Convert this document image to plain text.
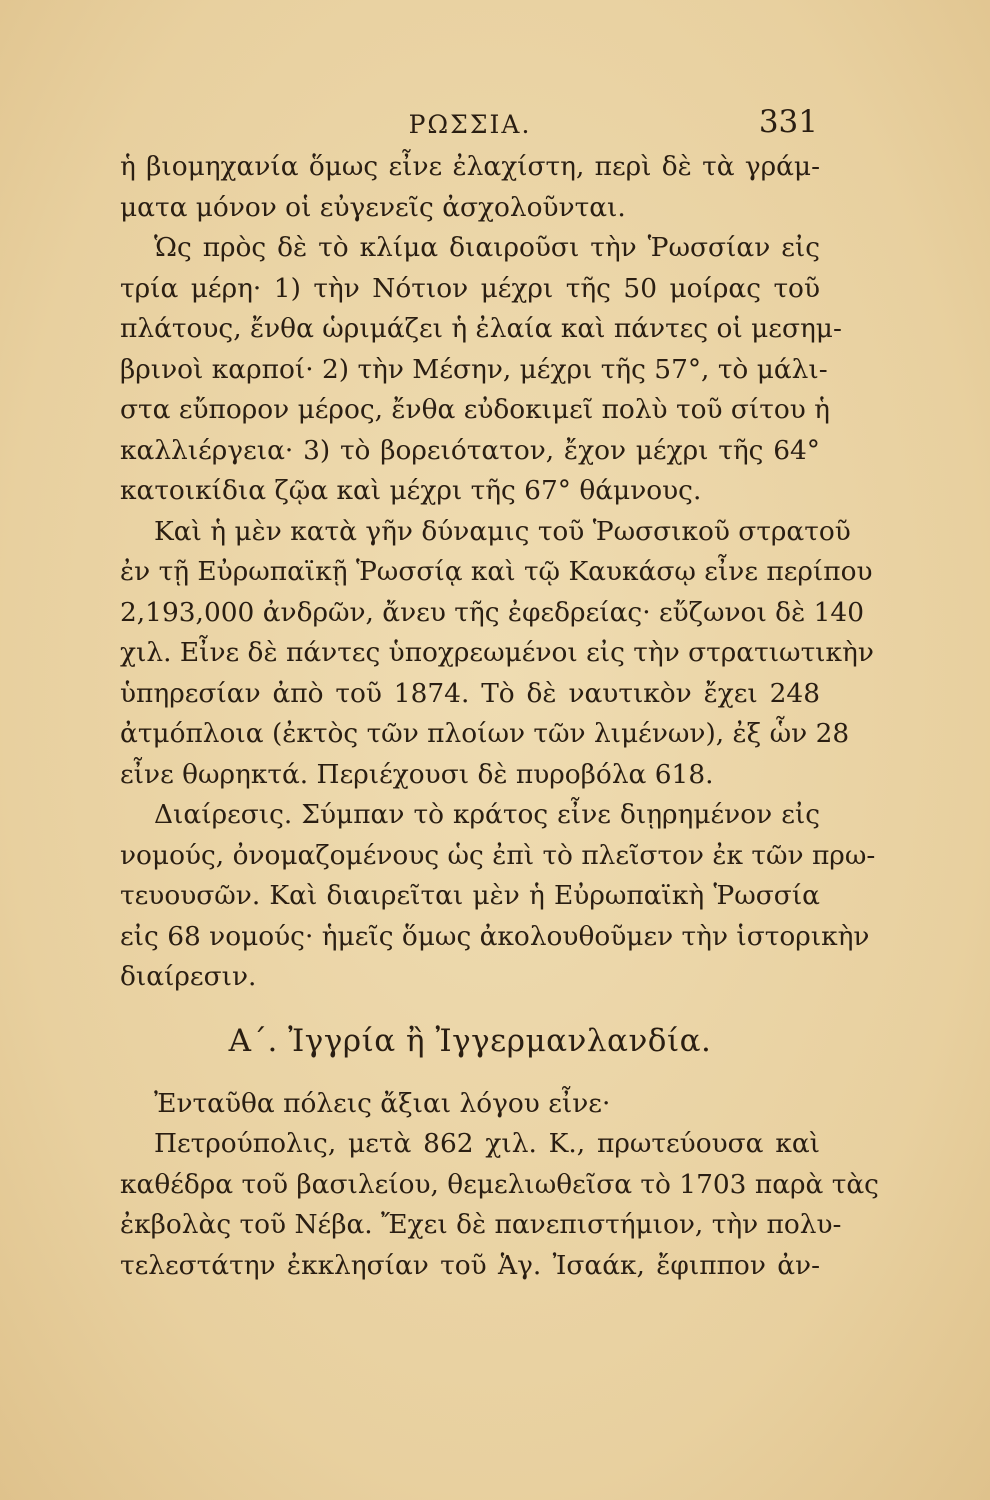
ΡΩΣΣΙΑ.	331
ἡ βιομηχανία ὅμως εἶνε ἐλαχίστη, περὶ δὲ τὰ γράμ-
ματα μόνον οἱ εὐγενεῖς ἀσχολοῦνται.
Ὡς πρὸς δὲ τὸ κλίμα διαιροῦσι τὴν Ῥωσσίαν εἰς
τρία μέρη· 1) τὴν Νότιον μέχρι τῆς 50 μοίρας τοῦ
πλάτους, ἔνθα ὡριμάζει ἡ ἐλαία καὶ πάντες οἱ μεσημ-
βρινοὶ καρποί· 2) τὴν Μέσην, μέχρι τῆς 57°, τὸ μάλι-
στα εὔπορον μέρος, ἔνθα εὐδοκιμεῖ πολὺ τοῦ σίτου ἡ
καλλιέργεια· 3) τὸ βορειότατον, ἔχον μέχρι τῆς 64°
κατοικίδια ζῷα καὶ μέχρι τῆς 67° θάμνους.
Καὶ ἡ μὲν κατὰ γῆν δύναμις τοῦ Ῥωσσικοῦ στρατοῦ
ἐν τῇ Εὐρωπαϊκῇ Ῥωσσίᾳ καὶ τῷ Καυκάσῳ εἶνε περίπου
2,193,000 ἀνδρῶν, ἄνευ τῆς ἐφεδρείας· εὔζωνοι δὲ 140
χιλ. Εἶνε δὲ πάντες ὑποχρεωμένοι εἰς τὴν στρατιωτικὴν
ὑπηρεσίαν ἀπὸ τοῦ 1874. Τὸ δὲ ναυτικὸν ἔχει 248
ἀτμόπλοια (ἐκτὸς τῶν πλοίων τῶν λιμένων), ἐξ ὧν 28
εἶνε θωρηκτά. Περιέχουσι δὲ πυροβόλα 618.
Διαίρεσις. Σύμπαν τὸ κράτος εἶνε διῃρημένον εἰς
νομούς, ὀνομαζομένους ὡς ἐπὶ τὸ πλεῖστον ἐκ τῶν πρω-
τευουσῶν. Καὶ διαιρεῖται μὲν ἡ Εὐρωπαϊκὴ Ῥωσσία
εἰς 68 νομούς· ἡμεῖς ὅμως ἀκολουθοῦμεν τὴν ἱστορικὴν
διαίρεσιν.
Α΄. Ἰγγρία ἢ Ἰγγερμανλανδία.
Ἐνταῦθα πόλεις ἄξιαι λόγου εἶνε·
Πετρούπολις, μετὰ 862 χιλ. Κ., πρωτεύουσα καὶ
καθέδρα τοῦ βασιλείου, θεμελιωθεῖσα τὸ 1703 παρὰ τὰς
ἐκβολὰς τοῦ Νέβα. Ἔχει δὲ πανεπιστήμιον, τὴν πολυ-
τελεστάτην ἐκκλησίαν τοῦ Ἁγ. Ἰσαάκ, ἔφιππον ἀν-
